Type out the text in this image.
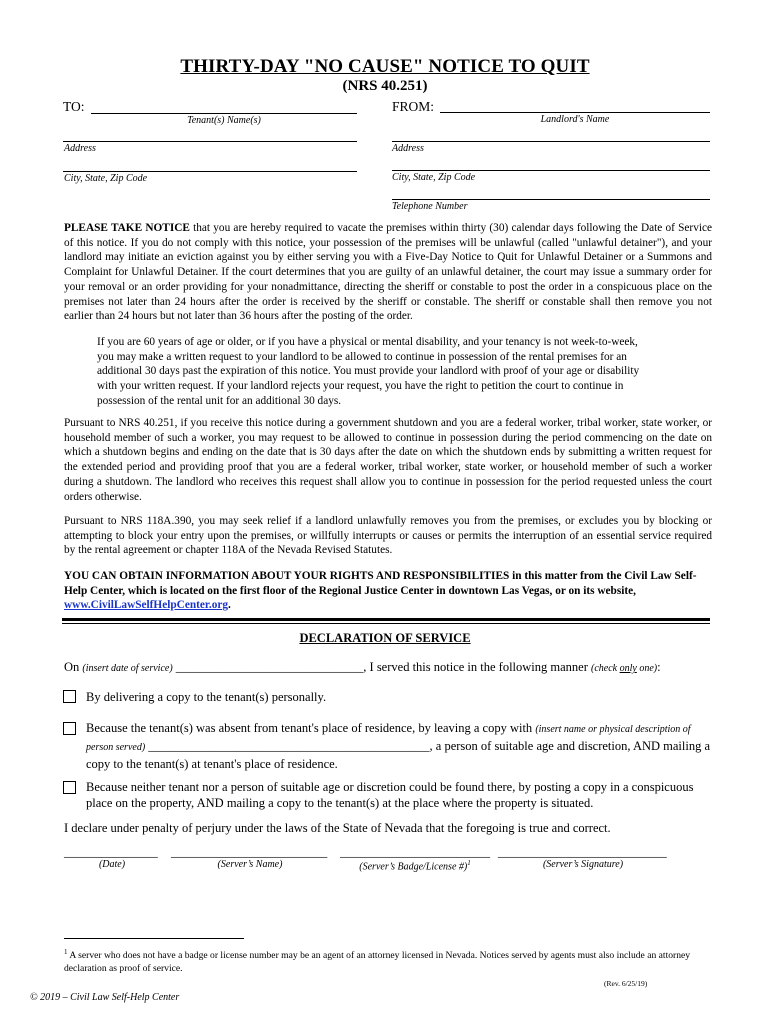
THIRTY-DAY "NO CAUSE" NOTICE TO QUIT
(NRS 40.251)
TO:
Tenant(s) Name(s)
Address
City, State, Zip Code
FROM:
Landlord's Name
Address
City, State, Zip Code
Telephone Number
PLEASE TAKE NOTICE that you are hereby required to vacate the premises within thirty (30) calendar days following the Date of Service of this notice. If you do not comply with this notice, your possession of the premises will be unlawful (called "unlawful detainer"), and your landlord may initiate an eviction against you by either serving you with a Five-Day Notice to Quit for Unlawful Detainer or a Summons and Complaint for Unlawful Detainer. If the court determines that you are guilty of an unlawful detainer, the court may issue a summary order for your removal or an order providing for your nonadmittance, directing the sheriff or constable to post the order in a conspicuous place on the premises not later than 24 hours after the order is received by the sheriff or constable. The sheriff or constable shall then remove you not earlier than 24 hours but not later than 36 hours after the posting of the order.
If you are 60 years of age or older, or if you have a physical or mental disability, and your tenancy is not week-to-week, you may make a written request to your landlord to be allowed to continue in possession of the rental premises for an additional 30 days past the expiration of this notice. You must provide your landlord with proof of your age or disability with your written request. If your landlord rejects your request, you have the right to petition the court to continue in possession of the rental unit for an additional 30 days.
Pursuant to NRS 40.251, if you receive this notice during a government shutdown and you are a federal worker, tribal worker, state worker, or household member of such a worker, you may request to be allowed to continue in possession during the period commencing on the date on which a shutdown begins and ending on the date that is 30 days after the date on which the shutdown ends by submitting a written request for the extended period and providing proof that you are a federal worker, tribal worker, state worker, or household member of such a worker during a shutdown. The landlord who receives this request shall allow you to continue in possession for the period requested unless the court orders otherwise.
Pursuant to NRS 118A.390, you may seek relief if a landlord unlawfully removes you from the premises, or excludes you by blocking or attempting to block your entry upon the premises, or willfully interrupts or causes or permits the interruption of an essential service required by the rental agreement or chapter 118A of the Nevada Revised Statutes.
YOU CAN OBTAIN INFORMATION ABOUT YOUR RIGHTS AND RESPONSIBILITIES in this matter from the Civil Law Self-Help Center, which is located on the first floor of the Regional Justice Center in downtown Las Vegas, or on its website, www.CivilLawSelfHelpCenter.org.
DECLARATION OF SERVICE
On (insert date of service) ______________________________, I served this notice in the following manner (check only one):
By delivering a copy to the tenant(s) personally.
Because the tenant(s) was absent from tenant's place of residence, by leaving a copy with (insert name or physical description of person served) _____________________________________________, a person of suitable age and discretion, AND mailing a copy to the tenant(s) at tenant's place of residence.
Because neither tenant nor a person of suitable age or discretion could be found there, by posting a copy in a conspicuous place on the property, AND mailing a copy to the tenant(s) at the place where the property is situated.
I declare under penalty of perjury under the laws of the State of Nevada that the foregoing is true and correct.
_______________ _________________________ ________________________ ___________________________
(Date)	(Server’s Name)	(Server’s Badge/License #)$^1$	(Server’s Signature)
$^1$ A server who does not have a badge or license number may be an agent of an attorney licensed in Nevada. Notices served by agents must also include an attorney declaration as proof of service.
(Rev. 6/25/19)
© 2019 – Civil Law Self-Help Center
